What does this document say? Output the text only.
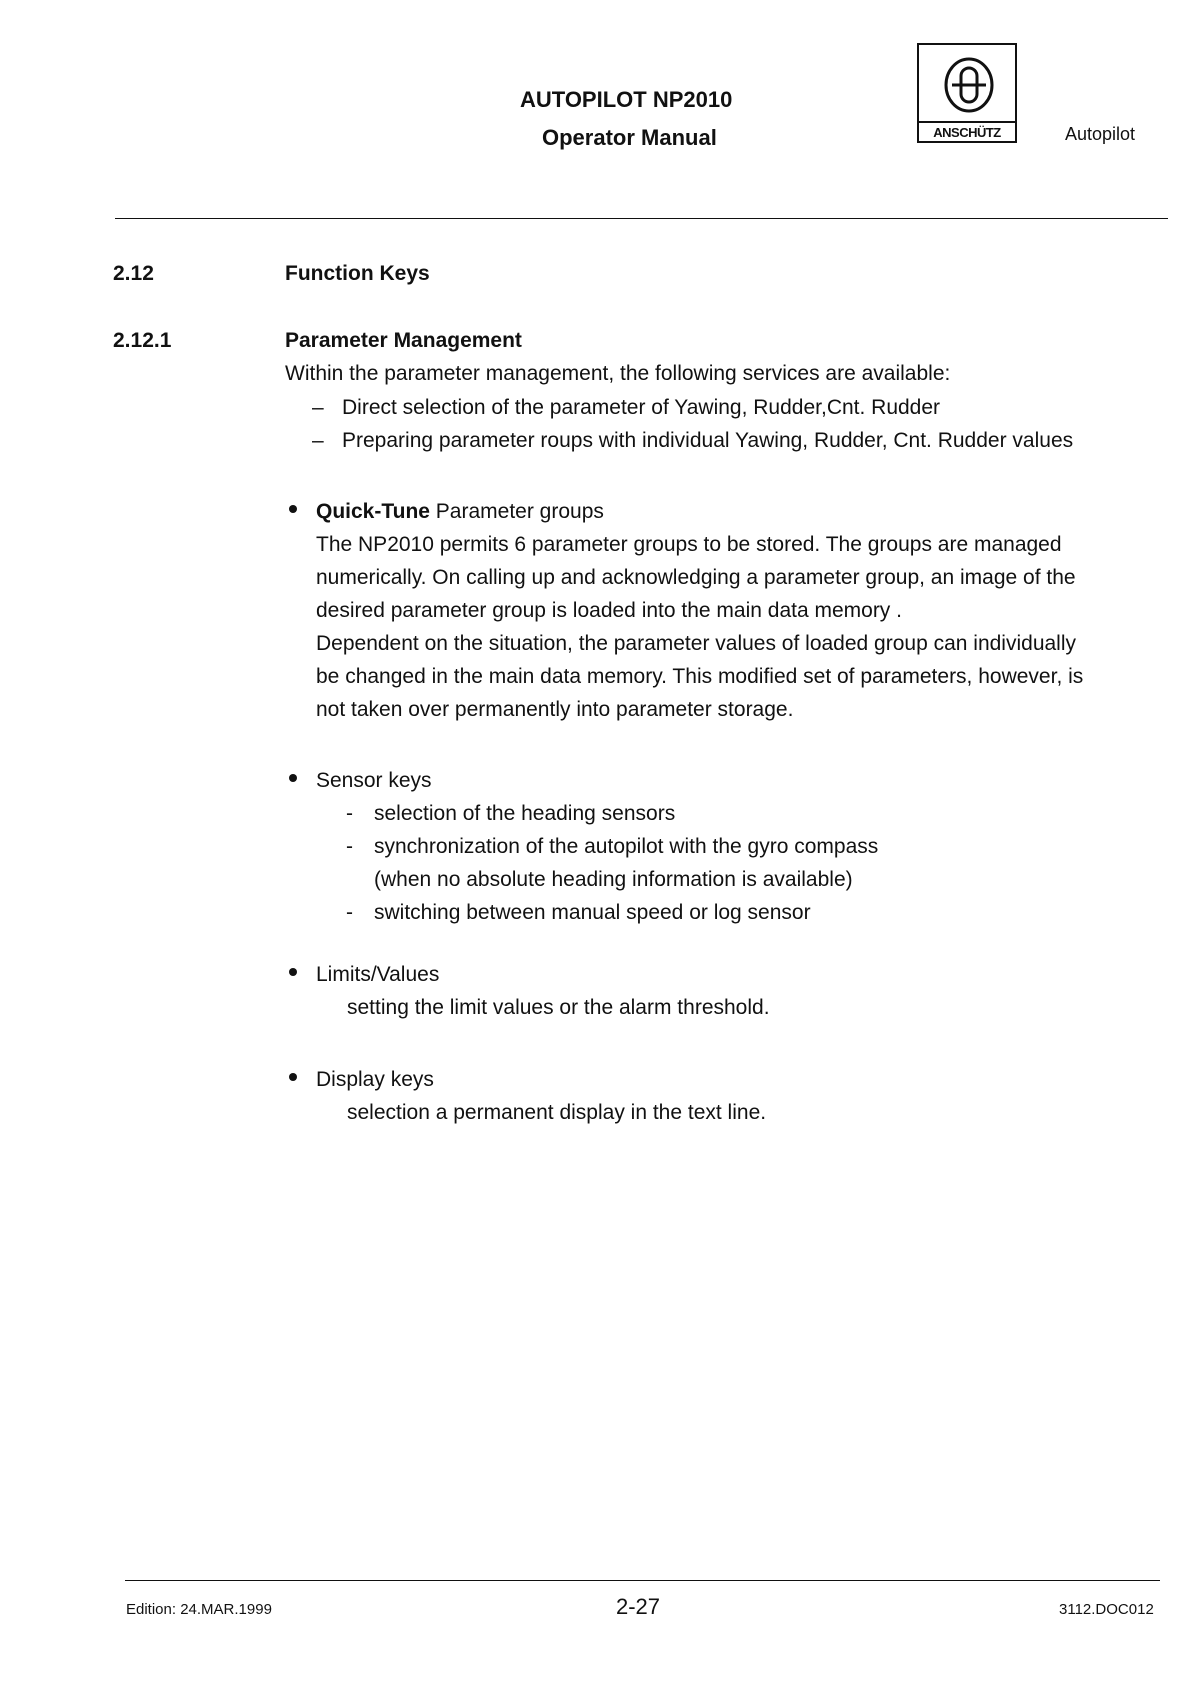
AUTOPILOT NP2010
Operator Manual	ANSCHÜTZ	Autopilot
2.12	Function Keys
2.12.1	Parameter Management
Within the parameter management, the following services are available:
– Direct selection of the parameter of Yawing, Rudder,Cnt. Rudder
– Preparing parameter roups with individual Yawing, Rudder, Cnt. Rudder values
Quick-Tune Parameter groups
The NP2010 permits 6 parameter groups to be stored. The groups are managed
numerically. On calling up and acknowledging a parameter group, an image of the
desired parameter group is loaded into the main data memory .
Dependent on the situation, the parameter values of loaded group can individually
be changed in the main data memory. This modified set of parameters, however, is
not taken over permanently into parameter storage.
Sensor keys
-	selection of the heading sensors
-	synchronization of the autopilot with the gyro compass
(when no absolute heading information is available)
-	switching between manual speed or log sensor
Limits/Values
setting the limit values or the alarm threshold.
Display keys
selection a permanent display in the text line.
Edition: 24.MAR.1999	2-27	3112.DOC012
